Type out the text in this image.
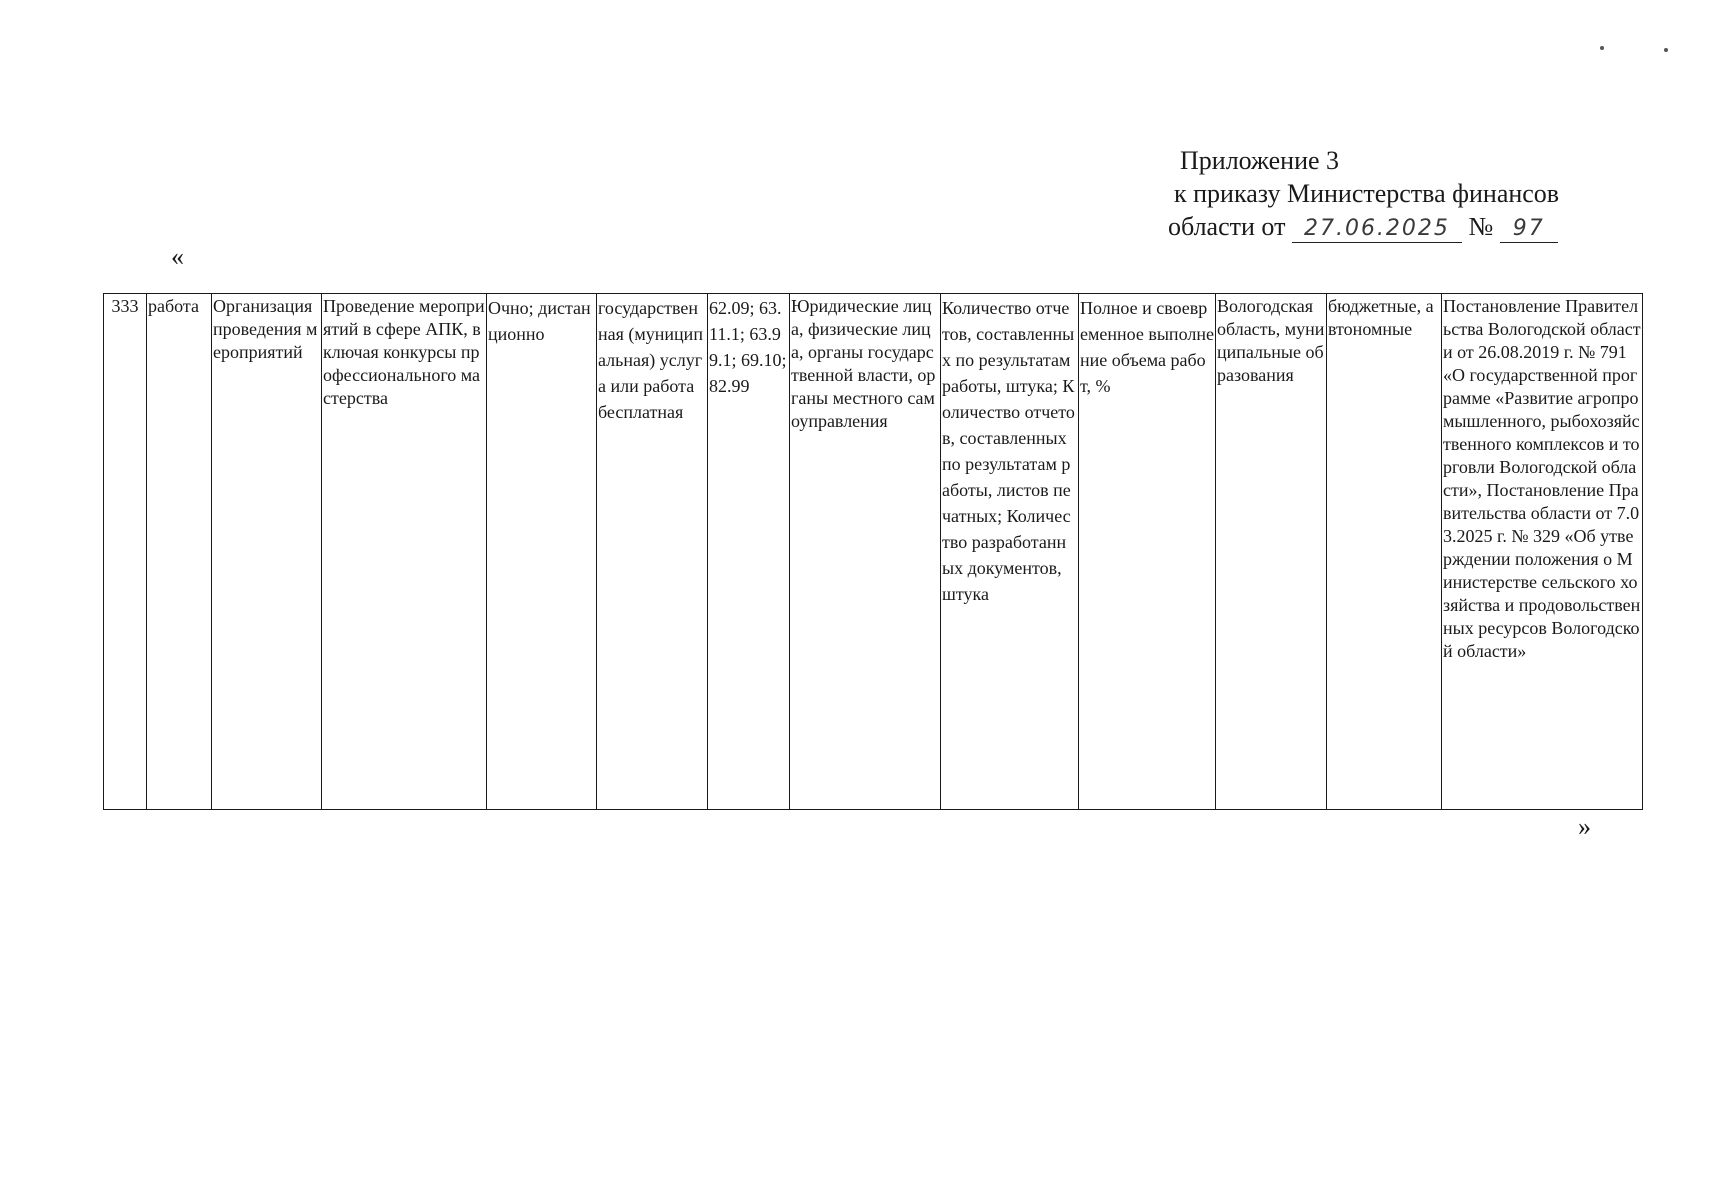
Приложение 3
к приказу Министерства финансов
области от 27.06.2025 № 97
«
333	работа	Организация проведения мероприятий	Проведение мероприятий в сфере АПК, включая конкурсы профессионального мастерства	Очно; дистанционно	государственная (муниципальная) услуга или работа бесплатная	62.09; 63.11.1; 63.99.1; 69.10; 82.99	Юридические лица, физические лица, органы государственной власти, органы местного самоуправления	Количество отчетов, составленных по результатам работы, штука; Количество отчетов, составленных по результатам работы, листов печатных; Количество разработанных документов, штука	Полное и своевременное выполнение объема работ, %	Вологодская область, муниципальные образования	бюджетные, автономные	Постановление Правительства Вологодской области от 26.08.2019 г. № 791 «О государственной программе «Развитие агропромышленного, рыбохозяйственного комплексов и торговли Вологодской области», Постановление Правительства области от 7.03.2025 г. № 329 «Об утверждении положения о Министерстве сельского хозяйства и продовольственных ресурсов Вологодской области»
»
